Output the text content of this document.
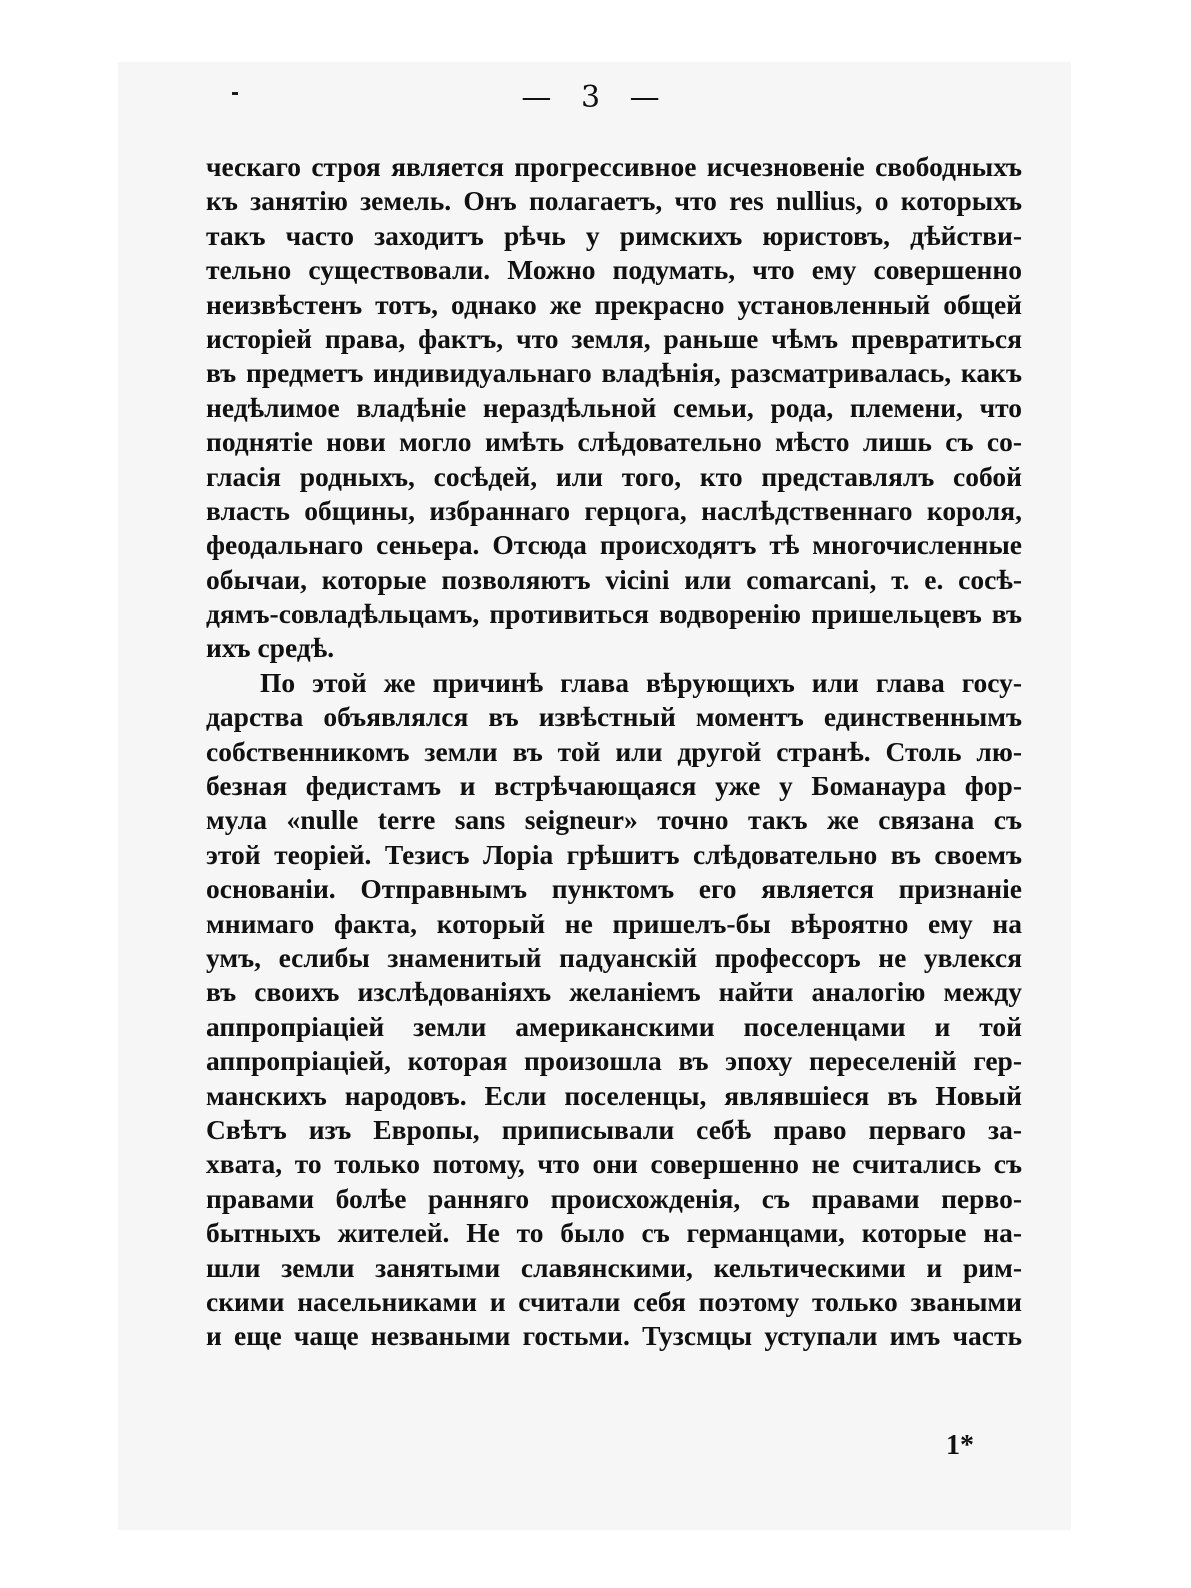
— 3 —
ческаго строя является прогрессивное исчезновенiе свободныхъ
къ занятiю земель. Онъ полагаетъ, что res nullius, о которыхъ
такъ часто заходитъ рѣчь у римскихъ юристовъ, дѣйстви-
тельно существовали. Можно подумать, что ему совершенно
неизвѣстенъ тотъ, однако же прекрасно установленный общей
исторiей права, фактъ, что земля, раньше чѣмъ превратиться
въ предметъ индивидуальнаго владѣнiя, разсматривалась, какъ
недѣлимое владѣнiе нераздѣльной семьи, рода, племени, что
поднятiе нови могло имѣть слѣдовательно мѣсто лишь съ со-
гласiя родныхъ, сосѣдей, или того, кто представлялъ собой
власть общины, избраннаго герцога, наслѣдственнаго короля,
феодальнаго сеньера. Отсюда происходятъ тѣ многочисленные
обычаи, которые позволяютъ vicini или comarcani, т. е. сосѣ-
дямъ-совладѣльцамъ, противиться водворенiю пришельцевъ въ
ихъ средѣ.
По этой же причинѣ глава вѣрующихъ или глава госу-
дарства объявлялся въ извѣстный моментъ единственнымъ
собственникомъ земли въ той или другой странѣ. Столь лю-
безная федистамъ и встрѣчающаяся уже у Боманаура фор-
мула «nulle terre sans seigneur» точно такъ же связана съ
этой теорiей. Тезисъ Лорiа грѣшитъ слѣдовательно въ своемъ
основанiи. Отправнымъ пунктомъ его является признанiе
мнимаго факта, который не пришелъ-бы вѣроятно ему на
умъ, еслибы знаменитый падуанскiй профессоръ не увлекся
въ своихъ изслѣдованiяхъ желанiемъ найти аналогiю между
аппропрiацiей земли американскими поселенцами и той
аппропрiацiей, которая произошла въ эпоху переселенiй гер-
манскихъ народовъ. Если поселенцы, являвшiеся въ Новый
Свѣтъ изъ Европы, приписывали себѣ право перваго за-
хвата, то только потому, что они совершенно не считались съ
правами болѣе ранняго происхожденiя, съ правами перво-
бытныхъ жителей. Не то было съ германцами, которые на-
шли земли занятыми славянскими, кельтическими и рим-
скими насельниками и считали себя поэтому только зваными
и еще чаще незваными гостьми. Тузсмцы уступали имъ часть
1*
